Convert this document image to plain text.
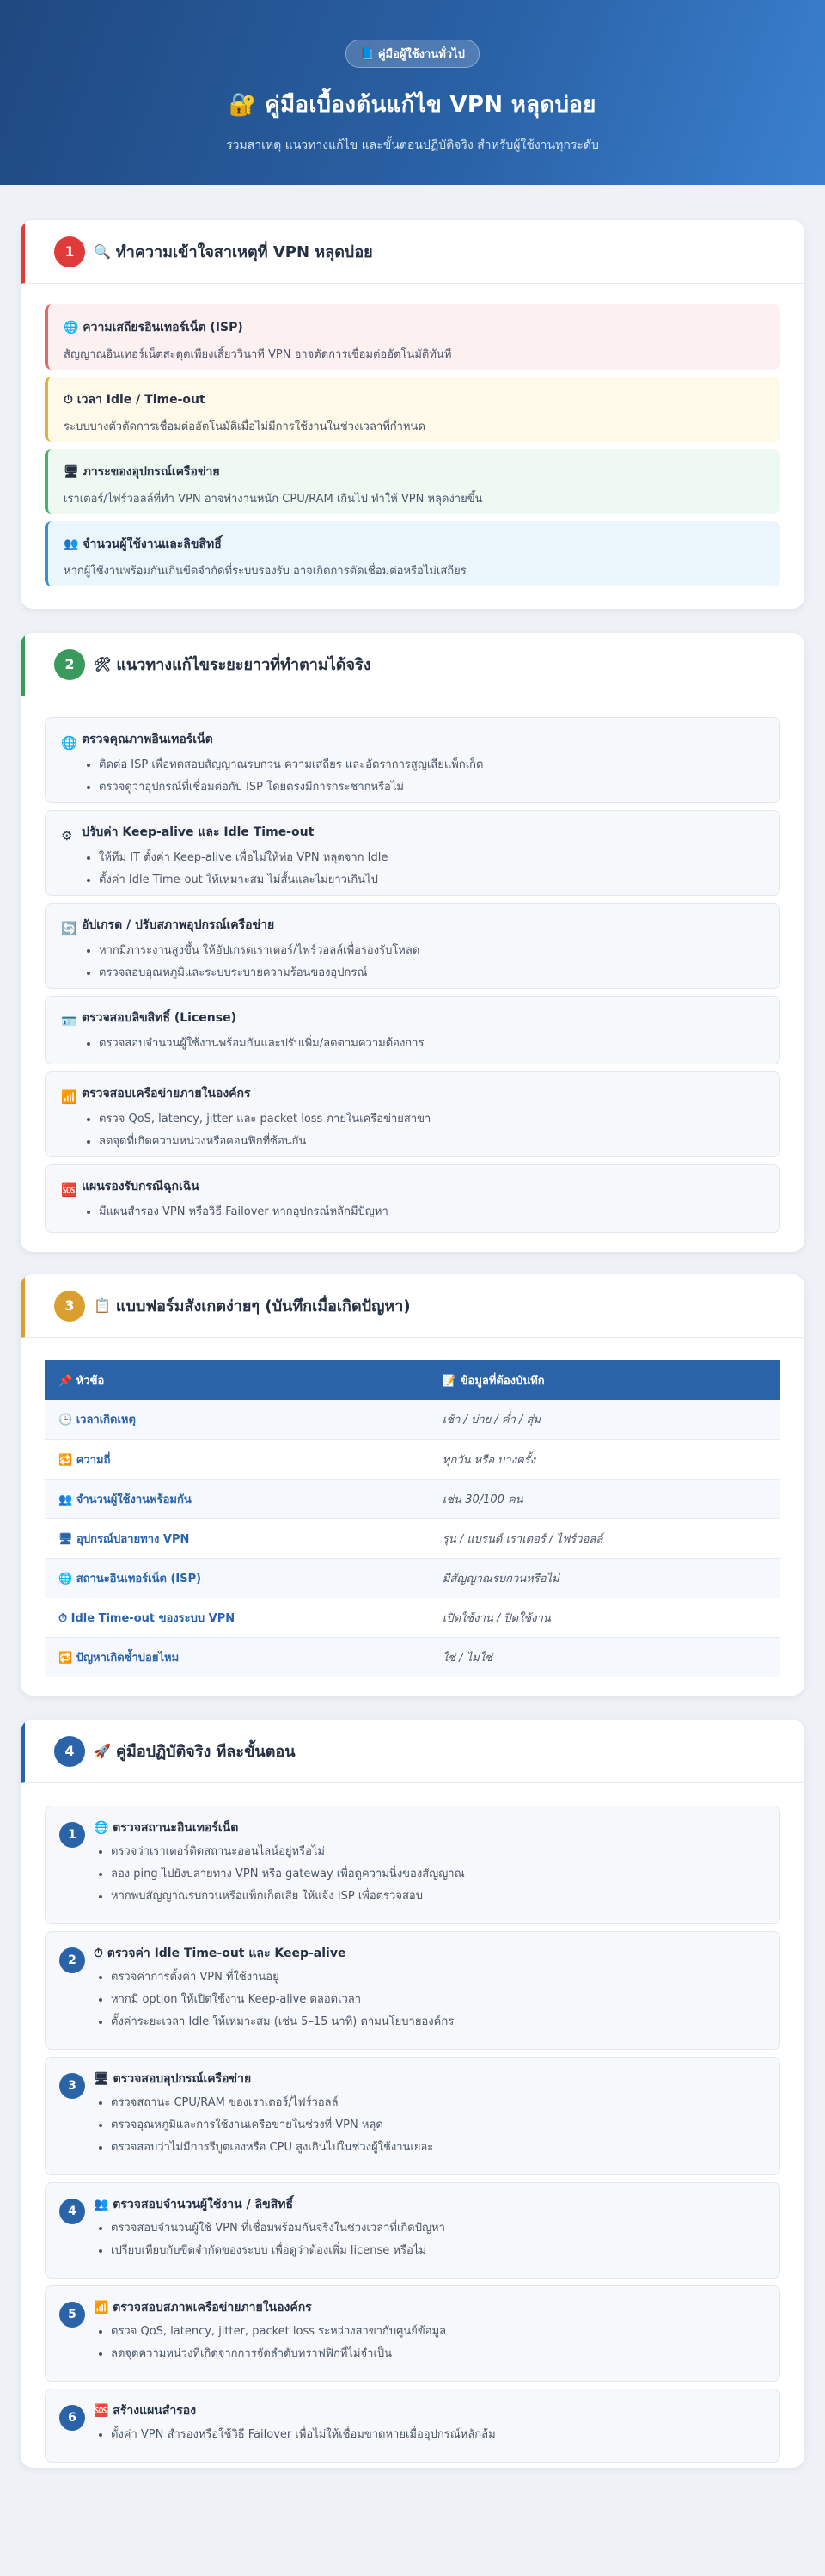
📘 คู่มือผู้ใช้งานทั่วไป
🔐 คู่มือเบื้องต้นแก้ไข VPN หลุดบ่อย
รวมสาเหตุ แนวทางแก้ไข และขั้นตอนปฏิบัติจริง สำหรับผู้ใช้งานทุกระดับ
1	🔍 ทำความเข้าใจสาเหตุที่ VPN หลุดบ่อย
🌐 ความเสถียรอินเทอร์เน็ต (ISP)
สัญญาณอินเทอร์เน็ตสะดุดเพียงเสี้ยววินาที VPN อาจตัดการเชื่อมต่ออัตโนมัติทันที
⏱ เวลา Idle / Time-out
ระบบบางตัวตัดการเชื่อมต่ออัตโนมัติเมื่อไม่มีการใช้งานในช่วงเวลาที่กำหนด
🖥 ภาระของอุปกรณ์เครือข่าย
เราเตอร์/ไฟร์วอลล์ที่ทำ VPN อาจทำงานหนัก CPU/RAM เกินไป ทำให้ VPN หลุดง่ายขึ้น
👥 จำนวนผู้ใช้งานและลิขสิทธิ์
หากผู้ใช้งานพร้อมกันเกินขีดจำกัดที่ระบบรองรับ อาจเกิดการตัดเชื่อมต่อหรือไม่เสถียร
2	🛠 แนวทางแก้ไขระยะยาวที่ทำตามได้จริง
🌐 ตรวจคุณภาพอินเทอร์เน็ต
• ติดต่อ ISP เพื่อทดสอบสัญญาณรบกวน ความเสถียร และอัตราการสูญเสียแพ็กเก็ต
• ตรวจดูว่าอุปกรณ์ที่เชื่อมต่อกับ ISP โดยตรงมีการกระชากหรือไม่
⚙ ปรับค่า Keep-alive และ Idle Time-out
• ให้ทีม IT ตั้งค่า Keep-alive เพื่อไม่ให้ท่อ VPN หลุดจาก Idle
• ตั้งค่า Idle Time-out ให้เหมาะสม ไม่สั้นและไม่ยาวเกินไป
🔄 อัปเกรด / ปรับสภาพอุปกรณ์เครือข่าย
• หากมีภาระงานสูงขึ้น ให้อัปเกรดเราเตอร์/ไฟร์วอลล์เพื่อรองรับโหลด
• ตรวจสอบอุณหภูมิและระบบระบายความร้อนของอุปกรณ์
🪪 ตรวจสอบลิขสิทธิ์ (License)
• ตรวจสอบจำนวนผู้ใช้งานพร้อมกันและปรับเพิ่ม/ลดตามความต้องการ
📶 ตรวจสอบเครือข่ายภายในองค์กร
• ตรวจ QoS, latency, jitter และ packet loss ภายในเครือข่ายสาขา
• ลดจุดที่เกิดความหน่วงหรือคอนฟิกที่ซ้อนกัน
🆘 แผนรองรับกรณีฉุกเฉิน
• มีแผนสำรอง VPN หรือวิธี Failover หากอุปกรณ์หลักมีปัญหา
3	📋 แบบฟอร์มสังเกตง่ายๆ (บันทึกเมื่อเกิดปัญหา)
📌 หัวข้อ	📝 ข้อมูลที่ต้องบันทึก
🕒 เวลาเกิดเหตุ	เช้า / บ่าย / ค่ำ / สุ่ม
🔁 ความถี่	ทุกวัน หรือ บางครั้ง
👥 จำนวนผู้ใช้งานพร้อมกัน	เช่น 30/100 คน
🖥 อุปกรณ์ปลายทาง VPN	รุ่น / แบรนด์ เราเตอร์ / ไฟร์วอลล์
🌐 สถานะอินเทอร์เน็ต (ISP)	มีสัญญาณรบกวนหรือไม่
⏱ Idle Time-out ของระบบ VPN	เปิดใช้งาน / ปิดใช้งาน
🔁 ปัญหาเกิดซ้ำบ่อยไหม	ใช่ / ไม่ใช่
4	🚀 คู่มือปฏิบัติจริง ทีละขั้นตอน
1	🌐 ตรวจสถานะอินเทอร์เน็ต
• ตรวจว่าเราเตอร์ติดสถานะออนไลน์อยู่หรือไม่
• ลอง ping ไปยังปลายทาง VPN หรือ gateway เพื่อดูความนิ่งของสัญญาณ
• หากพบสัญญาณรบกวนหรือแพ็กเก็ตเสีย ให้แจ้ง ISP เพื่อตรวจสอบ
2	⏱ ตรวจค่า Idle Time-out และ Keep-alive
• ตรวจค่าการตั้งค่า VPN ที่ใช้งานอยู่
• หากมี option ให้เปิดใช้งาน Keep-alive ตลอดเวลา
• ตั้งค่าระยะเวลา Idle ให้เหมาะสม (เช่น 5–15 นาที) ตามนโยบายองค์กร
3	🖥 ตรวจสอบอุปกรณ์เครือข่าย
• ตรวจสถานะ CPU/RAM ของเราเตอร์/ไฟร์วอลล์
• ตรวจอุณหภูมิและการใช้งานเครือข่ายในช่วงที่ VPN หลุด
• ตรวจสอบว่าไม่มีการรีบูตเองหรือ CPU สูงเกินไปในช่วงผู้ใช้งานเยอะ
4	👥 ตรวจสอบจำนวนผู้ใช้งาน / ลิขสิทธิ์
• ตรวจสอบจำนวนผู้ใช้ VPN ที่เชื่อมพร้อมกันจริงในช่วงเวลาที่เกิดปัญหา
• เปรียบเทียบกับขีดจำกัดของระบบ เพื่อดูว่าต้องเพิ่ม license หรือไม่
5	📶 ตรวจสอบสภาพเครือข่ายภายในองค์กร
• ตรวจ QoS, latency, jitter, packet loss ระหว่างสาขากับศูนย์ข้อมูล
• ลดจุดความหน่วงที่เกิดจากการจัดลำดับทราฟฟิกที่ไม่จำเป็น
6	🆘 สร้างแผนสำรอง
• ตั้งค่า VPN สำรองหรือใช้วิธี Failover เพื่อไม่ให้เชื่อมขาดหายเมื่ออุปกรณ์หลักล้ม
